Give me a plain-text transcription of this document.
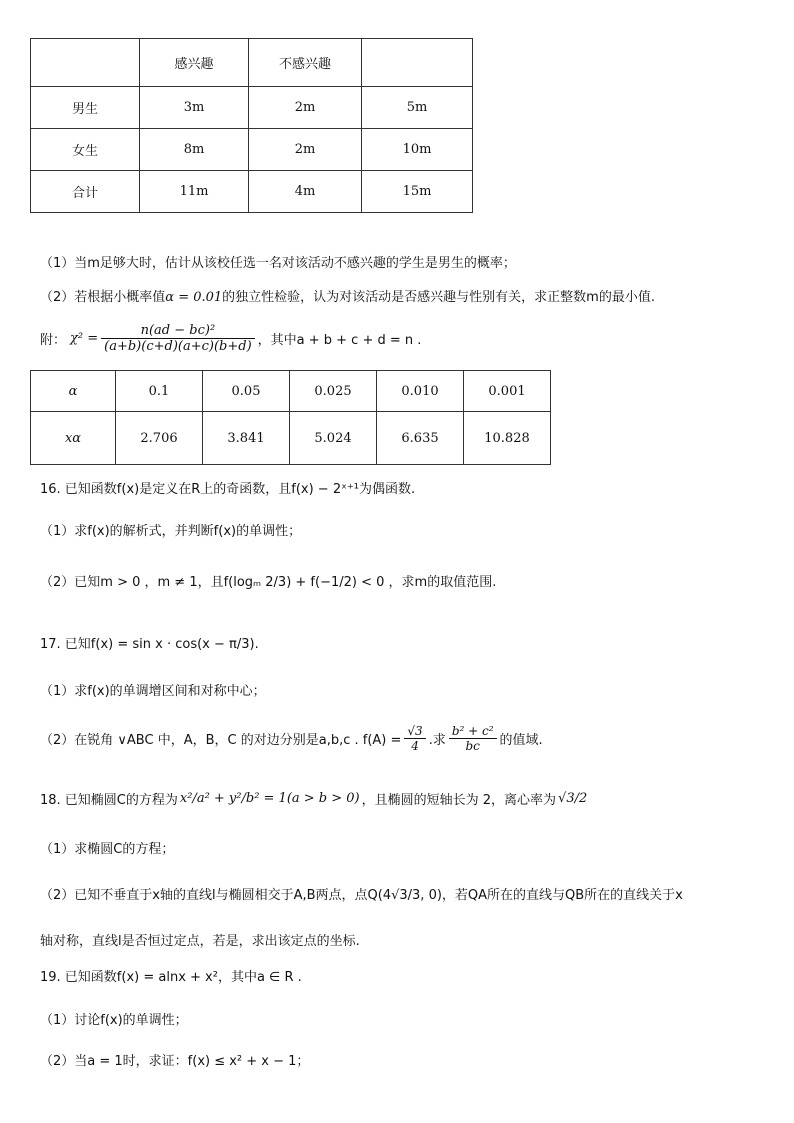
	感兴趣	不感兴趣	
男生	3m	2m	5m
女生	8m	2m	10m
合计	11m	4m	15m
（1）当m足够大时，估计从该校任选一名对该活动不感兴趣的学生是男生的概率；
（2）若根据小概率值α = 0.01的独立性检验，认为对该活动是否感兴趣与性别有关，求正整数m的最小值.
附： $\chi^2 = \frac{\text{n(ad − bc)²}}{(a+b)(c+d)(a+c)(b+d)}$ ，其中a + b + c + d = n .
α	0.1	0.05	0.025	0.010	0.001
xα	2.706	3.841	5.024	6.635	10.828
16. 已知函数f(x)是定义在R上的奇函数，且f(x) − 2ˣ⁺¹为偶函数.
（1）求f(x)的解析式，并判断f(x)的单调性；
（2）已知m > 0 ，m ≠ 1，且f(logₘ 2/3) + f(−1/2) < 0 ，求m的取值范围.
17. 已知f(x) = sin x · cos(x − π/3).
（1）求f(x)的单调增区间和对称中心；
（2）在锐角 ∨ABC 中，A，B，C 的对边分别是a,b,c . $f(A) = \frac{√3}{4}$ .求 $\frac{\text{b² + c²}}{bc}$ 的值域.
18. 已知椭圆C的方程为 x²/a² + y²/b² = 1(a > b > 0) ，且椭圆的短轴长为 2，离心率为 √3/2
（1）求椭圆C的方程；
（2）已知不垂直于x轴的直线l与椭圆相交于A,B两点，点Q(4√3/3, 0)，若QA所在的直线与QB所在的直线关于x
轴对称，直线l是否恒过定点，若是，求出该定点的坐标.
19. 已知函数f(x) = alnx + x²，其中a ∈ R .
（1）讨论f(x)的单调性；
（2）当a = 1时，求证：f(x) ≤ x² + x − 1；
